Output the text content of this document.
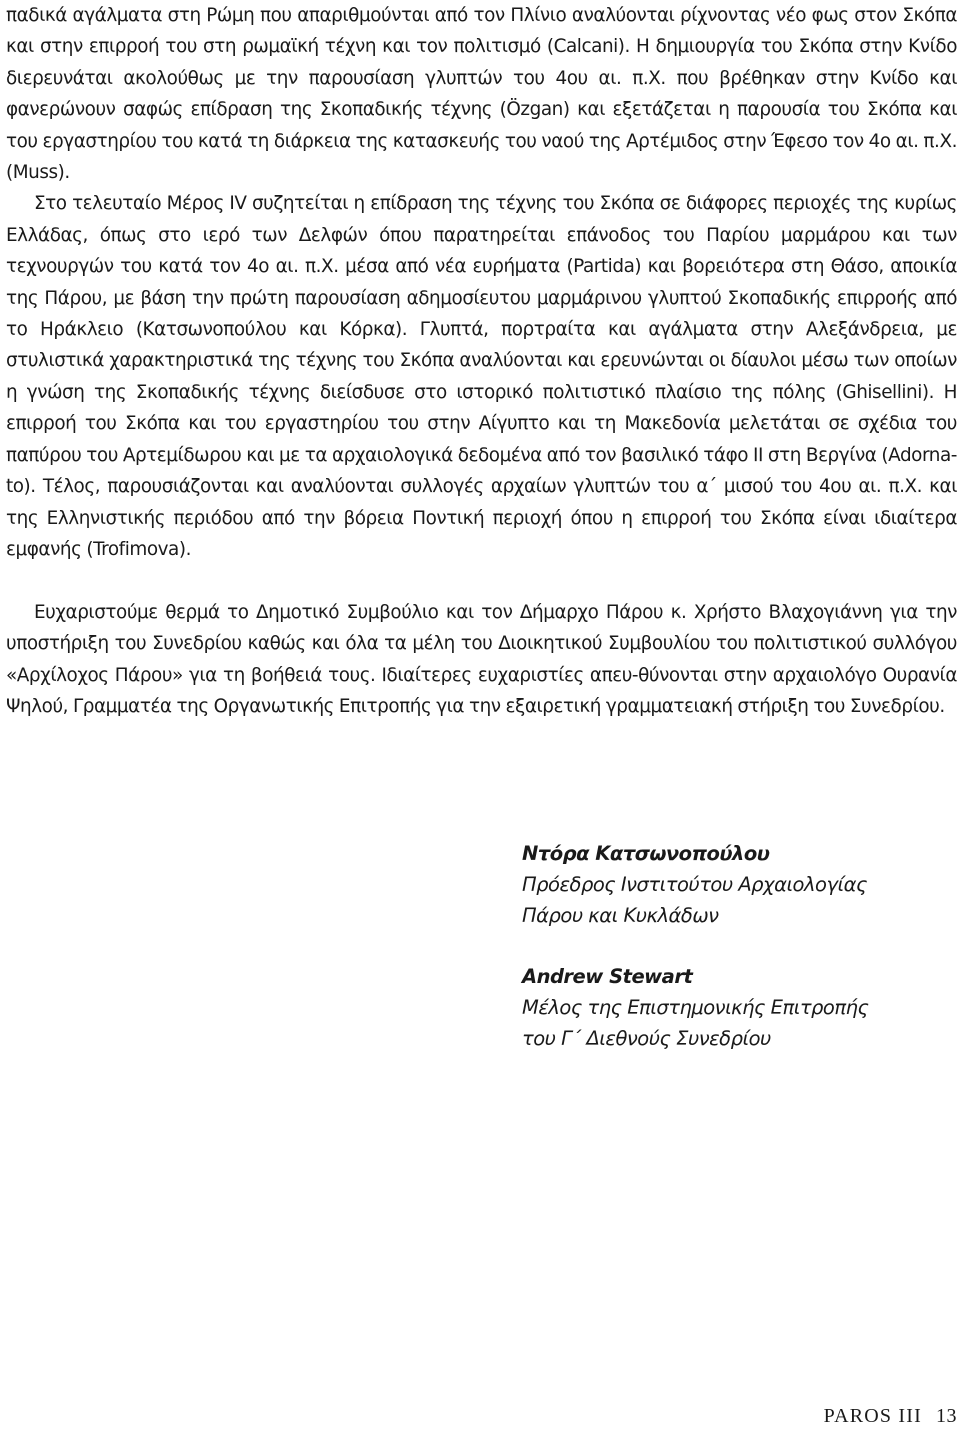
παδικά αγάλματα στη Ρώμη που απαριθμούνται από τον Πλίνιο αναλύονται ρίχνοντας νέο φως στον Σκόπα και στην επιρροή του στη ρωμαϊκή τέχνη και τον πολιτισμό (Calcani). Η δημιουργία του Σκόπα στην Κνίδο διερευνάται ακολούθως με την παρουσίαση γλυπτών του 4ου αι. π.Χ. που βρέθηκαν στην Κνίδο και φανερώνουν σαφώς επίδραση της Σκοπαδικής τέχνης (Özgan) και εξετάζεται η παρουσία του Σκόπα και του εργαστηρίου του κατά τη διάρκεια της κατασκευής του ναού της Αρτέμιδος στην Έφεσο τον 4ο αι. π.Χ. (Muss).

Στο τελευταίο Μέρος IV συζητείται η επίδραση της τέχνης του Σκόπα σε διάφορες περιοχές της κυρίως Ελλάδας, όπως στο ιερό των Δελφών όπου παρατηρείται επάνοδος του Παρίου μαρμάρου και των τεχνουργών του κατά τον 4ο αι. π.Χ. μέσα από νέα ευρήματα (Partida) και βορειότερα στη Θάσο, αποικία της Πάρου, με βάση την πρώτη παρουσίαση αδημοσίευτου μαρμάρινου γλυπτού Σκοπαδικής επιρροής από το Ηράκλειο (Κατσωνοπούλου και Κόρκα). Γλυπτά, πορτραίτα και αγάλματα στην Αλεξάνδρεια, με στυλιστικά χαρακτηριστικά της τέχνης του Σκόπα αναλύονται και ερευνώνται οι δίαυλοι μέσω των οποίων η γνώση της Σκοπαδικής τέχνης διείσδυσε στο ιστορικό πολιτιστικό πλαίσιο της πόλης (Ghisellini). Η επιρροή του Σκόπα και του εργαστηρίου του στην Αίγυπτο και τη Μακεδονία μελετάται σε σχέδια του παπύρου του Αρτεμίδωρου και με τα αρχαιολογικά δεδομένα από τον βασιλικό τάφο ΙΙ στη Βεργίνα (Adorna-to). Τέλος, παρουσιάζονται και αναλύονται συλλογές αρχαίων γλυπτών του α΄ μισού του 4ου αι. π.Χ. και της Ελληνιστικής περιόδου από την βόρεια Ποντική περιοχή όπου η επιρροή του Σκόπα είναι ιδιαίτερα εμφανής (Trofimova).

Ευχαριστούμε θερμά το Δημοτικό Συμβούλιο και τον Δήμαρχο Πάρου κ. Χρήστο Βλαχογιάννη για την υποστήριξη του Συνεδρίου καθώς και όλα τα μέλη του Διοικητικού Συμβουλίου του πολιτιστικού συλλόγου «Αρχίλοχος Πάρου» για τη βοήθειά τους. Ιδιαίτερες ευχαριστίες απευ-θύνονται στην αρχαιολόγο Ουρανία Ψηλού, Γραμματέα της Οργανωτικής Επιτροπής για την εξαιρετική γραμματειακή στήριξη του Συνεδρίου.

Ντόρα Κατσωνοπούλου
Πρόεδρος Ινστιτούτου Αρχαιολογίας
Πάρου και Κυκλάδων
Andrew Stewart
Μέλος της Επιστημονικής Επιτροπής
του Γ΄ Διεθνούς Συνεδρίου
PAROS III 13
